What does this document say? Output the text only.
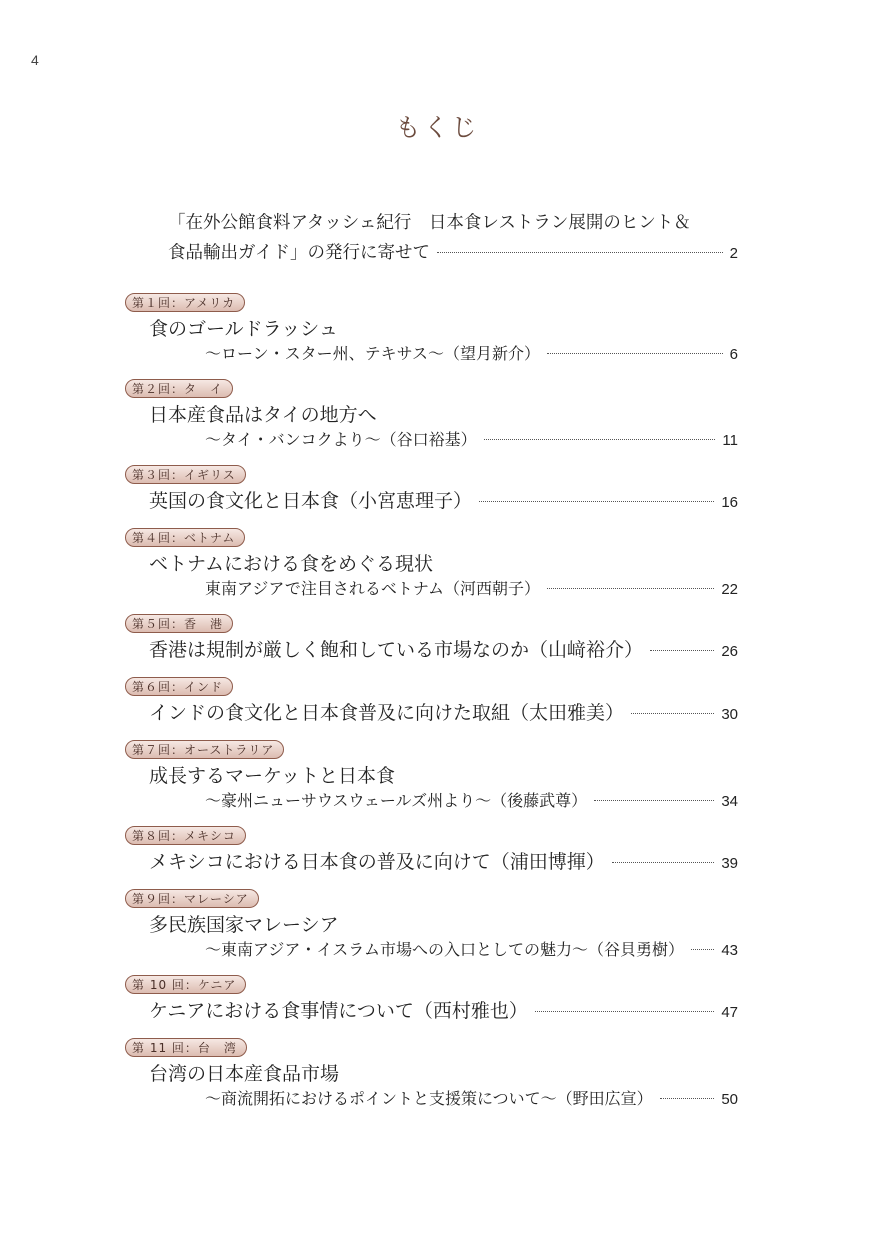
4
もくじ
「在外公館食料アタッシェ紀行　日本食レストラン展開のヒント＆
食品輸出ガイド」の発行に寄せて	2
第１回：アメリカ
食のゴールドラッシュ
～ローン・スター州、テキサス～（望月新介）	6
第２回：タ　イ
日本産食品はタイの地方へ
～タイ・バンコクより～（谷口裕基）	11
第３回：イギリス
英国の食文化と日本食（小宮恵理子）	16
第４回：ベトナム
ベトナムにおける食をめぐる現状
東南アジアで注目されるベトナム（河西朝子）	22
第５回：香　港
香港は規制が厳しく飽和している市場なのか（山﨑裕介）	26
第６回：インド
インドの食文化と日本食普及に向けた取組（太田雅美）	30
第７回：オーストラリア
成長するマーケットと日本食
～豪州ニューサウスウェールズ州より～（後藤武尊）	34
第８回：メキシコ
メキシコにおける日本食の普及に向けて（浦田博揮）	39
第９回：マレーシア
多民族国家マレーシア
～東南アジア・イスラム市場への入口としての魅力～（谷貝勇樹） 43
第 10 回：ケニア
ケニアにおける食事情について（西村雅也）	47
第 11 回：台　湾
台湾の日本産食品市場
～商流開拓におけるポイントと支援策について～（野田広宣）	50
